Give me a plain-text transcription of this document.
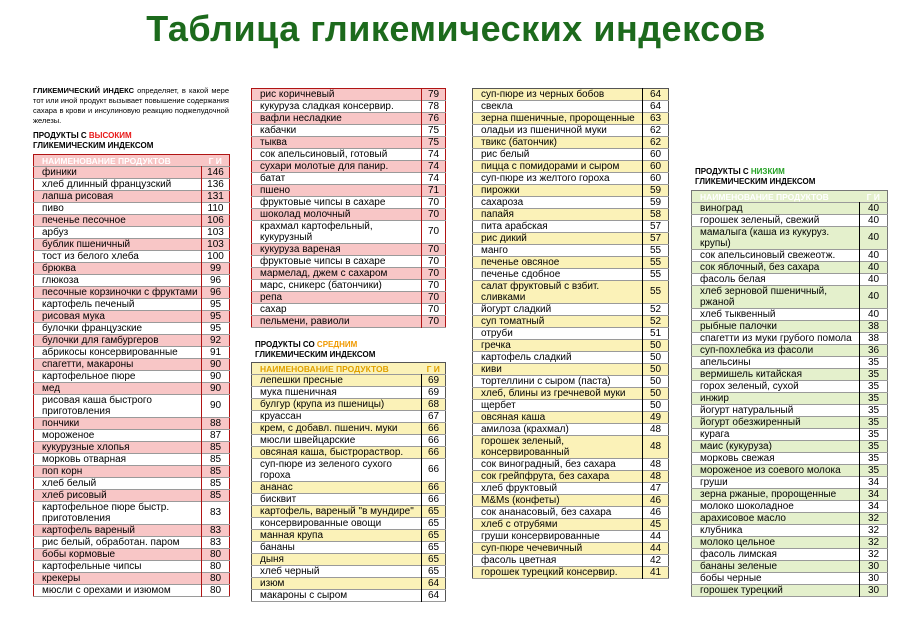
Таблица гликемических индексов
ГЛИКЕМИЧЕСКИЙ ИНДЕКС определяет, в какой мере тот или иной продукт вызывает повышение содержания сахара в крови и инсулиновую реакцию поджелудочной железы.
ПРОДУКТЫ С ВЫСОКИМ
ГЛИКЕМИЧЕСКИМ ИНДЕКСОМ
НАИМЕНОВАНИЕ ПРОДУКТОВ	Г И
финики	146
хлеб длинный французский	136
лапша рисовая	131
пиво	110
печенье песочное	106
арбуз	103
бублик пшеничный	103
тост из белого хлеба	100
брюква	99
глюкоза	96
песочные корзиночки с фруктами	96
картофель печеный	95
рисовая мука	95
булочки французские	95
булочки для гамбургеров	92
абрикосы консервированные	91
спагетти, макароны	90
картофельное пюре	90
мед	90
рисовая каша быстрого приготовления	90
пончики	88
мороженое	87
кукурузные хлопья	85
морковь отварная	85
поп корн	85
хлеб белый	85
хлеб рисовый	85
картофельное пюре быстр. приготовления	83
картофель вареный	83
рис белый, обработан. паром	83
бобы кормовые	80
картофельные чипсы	80
крекеры	80
мюсли с орехами и изюмом	80
рис коричневый	79
кукуруза сладкая консервир.	78
вафли несладкие	76
кабачки	75
тыква	75
сок апельсиновый, готовый	74
сухари молотые для панир.	74
батат	74
пшено	71
фруктовые чипсы в сахаре	70
шоколад молочный	70
крахмал картофельный, кукурузный	70
кукуруза вареная	70
фруктовые чипсы в сахаре	70
мармелад, джем с сахаром	70
марс, сникерс (батончики)	70
репа	70
сахар	70
пельмени, равиоли	70
ПРОДУКТЫ СО СРЕДНИМ
ГЛИКЕМИЧЕСКИМ ИНДЕКСОМ
НАИМЕНОВАНИЕ ПРОДУКТОВ	Г И
лепешки пресные	69
мука пшеничная	69
булгур (крупа из пшеницы)	68
круассан	67
крем, с добавл. пшенич. муки	66
мюсли швейцарские	66
овсяная каша, быстрораствор.	66
суп-пюре из зеленого сухого гороха	66
ананас	66
бисквит	66
картофель, вареный "в мундире"	65
консервированные овощи	65
манная крупа	65
бананы	65
дыня	65
хлеб черный	65
изюм	64
макароны с сыром	64
суп-пюре из черных бобов	64
свекла	64
зерна пшеничные, пророщенные	63
оладьи из пшеничной муки	62
твикс (батончик)	62
рис белый	60
пицца с помидорами и сыром	60
суп-пюре из желтого гороха	60
пирожки	59
сахароза	59
папайя	58
пита арабская	57
рис дикий	57
манго	55
печенье овсяное	55
печенье сдобное	55
салат фруктовый с взбит. сливками	55
йогурт сладкий	52
суп томатный	52
отруби	51
гречка	50
картофель сладкий	50
киви	50
тортеллини с сыром (паста)	50
хлеб, блины из гречневой муки	50
щербет	50
овсяная каша	49
амилоза (крахмал)	48
горошек зеленый, консервированный	48
сок виноградный, без сахара	48
сок грейпфрута, без сахара	48
хлеб фруктовый	47
M&Ms (конфеты)	46
сок ананасовый, без сахара	46
хлеб с отрубями	45
груши консервированные	44
суп-пюре чечевичный	44
фасоль цветная	42
горошек турецкий консервир.	41
ПРОДУКТЫ С НИЗКИМ
ГЛИКЕМИЧЕСКИМ ИНДЕКСОМ
НАИМЕНОВАНИЕ ПРОДУКТОВ	Г И
виноград	40
горошек зеленый, свежий	40
мамалыга (каша из кукуруз. крупы)	40
сок апельсиновый свежеотж.	40
сок яблочный, без сахара	40
фасоль белая	40
хлеб зерновой пшеничный, ржаной	40
хлеб тыквенный	40
рыбные палочки	38
спагетти из муки грубого помола	38
суп-похлебка из фасоли	36
апельсины	35
вермишель китайская	35
горох зеленый, сухой	35
инжир	35
йогурт натуральный	35
йогурт обезжиренный	35
курага	35
маис (кукуруза)	35
морковь свежая	35
мороженое из соевого молока	35
груши	34
зерна ржаные, пророщенные	34
молоко шоколадное	34
арахисовое масло	32
клубника	32
молоко цельное	32
фасоль лимская	32
бананы зеленые	30
бобы черные	30
горошек турецкий	30
